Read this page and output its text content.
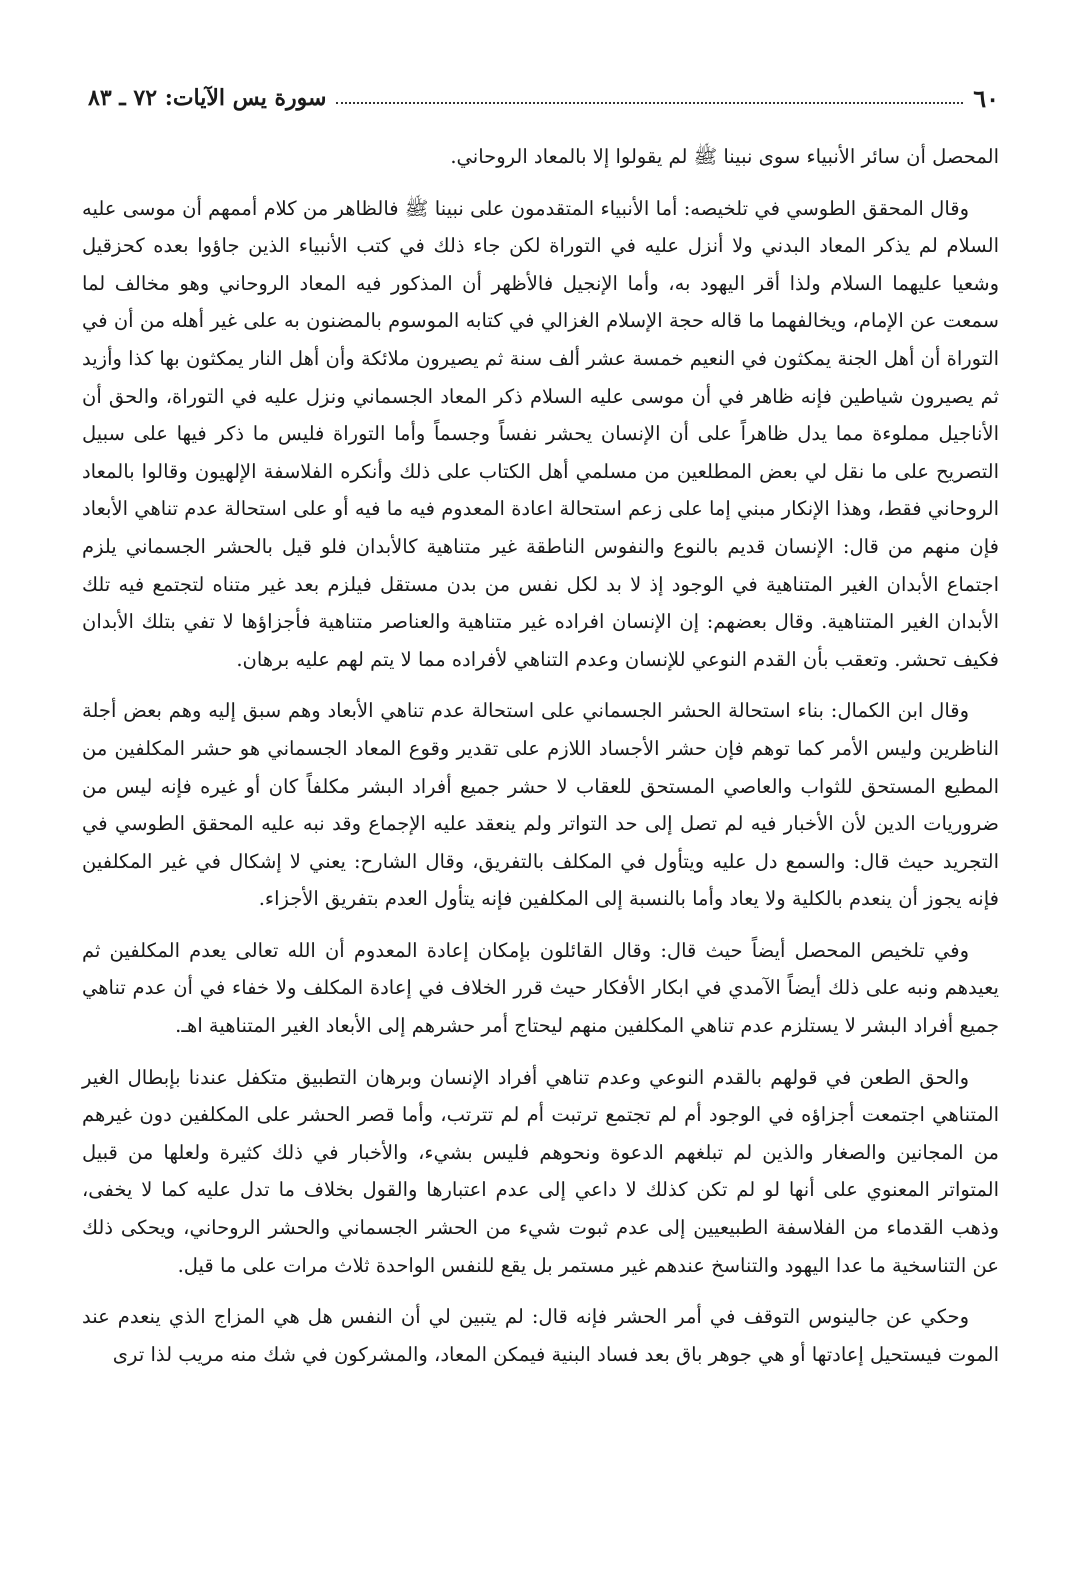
٦٠
سورة يس الآيات: ٧٢ ـ ٨٣

المحصل أن سائر الأنبياء سوى نبينا ﷺ لم يقولوا إلا بالمعاد الروحاني.

وقال المحقق الطوسي في تلخيصه: أما الأنبياء المتقدمون على نبينا ﷺ فالظاهر من كلام أممهم أن موسى عليه السلام لم يذكر المعاد البدني ولا أنزل عليه في التوراة لكن جاء ذلك في كتب الأنبياء الذين جاؤوا بعده كحزقيل وشعيا عليهما السلام ولذا أقر اليهود به، وأما الإنجيل فالأظهر أن المذكور فيه المعاد الروحاني وهو مخالف لما سمعت عن الإمام، ويخالفهما ما قاله حجة الإسلام الغزالي في كتابه الموسوم بالمضنون به على غير أهله من أن في التوراة أن أهل الجنة يمكثون في النعيم خمسة عشر ألف سنة ثم يصيرون ملائكة وأن أهل النار يمكثون بها كذا وأزيد ثم يصيرون شياطين فإنه ظاهر في أن موسى عليه السلام ذكر المعاد الجسماني ونزل عليه في التوراة، والحق أن الأناجيل مملوءة مما يدل ظاهراً على أن الإنسان يحشر نفساً وجسماً وأما التوراة فليس ما ذكر فيها على سبيل التصريح على ما نقل لي بعض المطلعين من مسلمي أهل الكتاب على ذلك وأنكره الفلاسفة الإلهيون وقالوا بالمعاد الروحاني فقط، وهذا الإنكار مبني إما على زعم استحالة اعادة المعدوم فيه ما فيه أو على استحالة عدم تناهي الأبعاد فإن منهم من قال: الإنسان قديم بالنوع والنفوس الناطقة غير متناهية كالأبدان فلو قيل بالحشر الجسماني يلزم اجتماع الأبدان الغير المتناهية في الوجود إذ لا بد لكل نفس من بدن مستقل فيلزم بعد غير متناه لتجتمع فيه تلك الأبدان الغير المتناهية. وقال بعضهم: إن الإنسان افراده غير متناهية والعناصر متناهية فأجزاؤها لا تفي بتلك الأبدان فكيف تحشر. وتعقب بأن القدم النوعي للإنسان وعدم التناهي لأفراده مما لا يتم لهم عليه برهان.

وقال ابن الكمال: بناء استحالة الحشر الجسماني على استحالة عدم تناهي الأبعاد وهم سبق إليه وهم بعض أجلة الناظرين وليس الأمر كما توهم فإن حشر الأجساد اللازم على تقدير وقوع المعاد الجسماني هو حشر المكلفين من المطيع المستحق للثواب والعاصي المستحق للعقاب لا حشر جميع أفراد البشر مكلفاً كان أو غيره فإنه ليس من ضروريات الدين لأن الأخبار فيه لم تصل إلى حد التواتر ولم ينعقد عليه الإجماع وقد نبه عليه المحقق الطوسي في التجريد حيث قال: والسمع دل عليه ويتأول في المكلف بالتفريق، وقال الشارح: يعني لا إشكال في غير المكلفين فإنه يجوز أن ينعدم بالكلية ولا يعاد وأما بالنسبة إلى المكلفين فإنه يتأول العدم بتفريق الأجزاء.

وفي تلخيص المحصل أيضاً حيث قال: وقال القائلون بإمكان إعادة المعدوم أن الله تعالى يعدم المكلفين ثم يعيدهم ونبه على ذلك أيضاً الآمدي في ابكار الأفكار حيث قرر الخلاف في إعادة المكلف ولا خفاء في أن عدم تناهي جميع أفراد البشر لا يستلزم عدم تناهي المكلفين منهم ليحتاج أمر حشرهم إلى الأبعاد الغير المتناهية اهـ.

والحق الطعن في قولهم بالقدم النوعي وعدم تناهي أفراد الإنسان وبرهان التطبيق متكفل عندنا بإبطال الغير المتناهي اجتمعت أجزاؤه في الوجود أم لم تجتمع ترتبت أم لم تترتب، وأما قصر الحشر على المكلفين دون غيرهم من المجانين والصغار والذين لم تبلغهم الدعوة ونحوهم فليس بشيء، والأخبار في ذلك كثيرة ولعلها من قبيل المتواتر المعنوي على أنها لو لم تكن كذلك لا داعي إلى عدم اعتبارها والقول بخلاف ما تدل عليه كما لا يخفى، وذهب القدماء من الفلاسفة الطبيعيين إلى عدم ثبوت شيء من الحشر الجسماني والحشر الروحاني، ويحكى ذلك عن التناسخية ما عدا اليهود والتناسخ عندهم غير مستمر بل يقع للنفس الواحدة ثلاث مرات على ما قيل.

وحكي عن جالينوس التوقف في أمر الحشر فإنه قال: لم يتبين لي أن النفس هل هي المزاج الذي ينعدم عند الموت فيستحيل إعادتها أو هي جوهر باق بعد فساد البنية فيمكن المعاد، والمشركون في شك منه مريب لذا ترى
